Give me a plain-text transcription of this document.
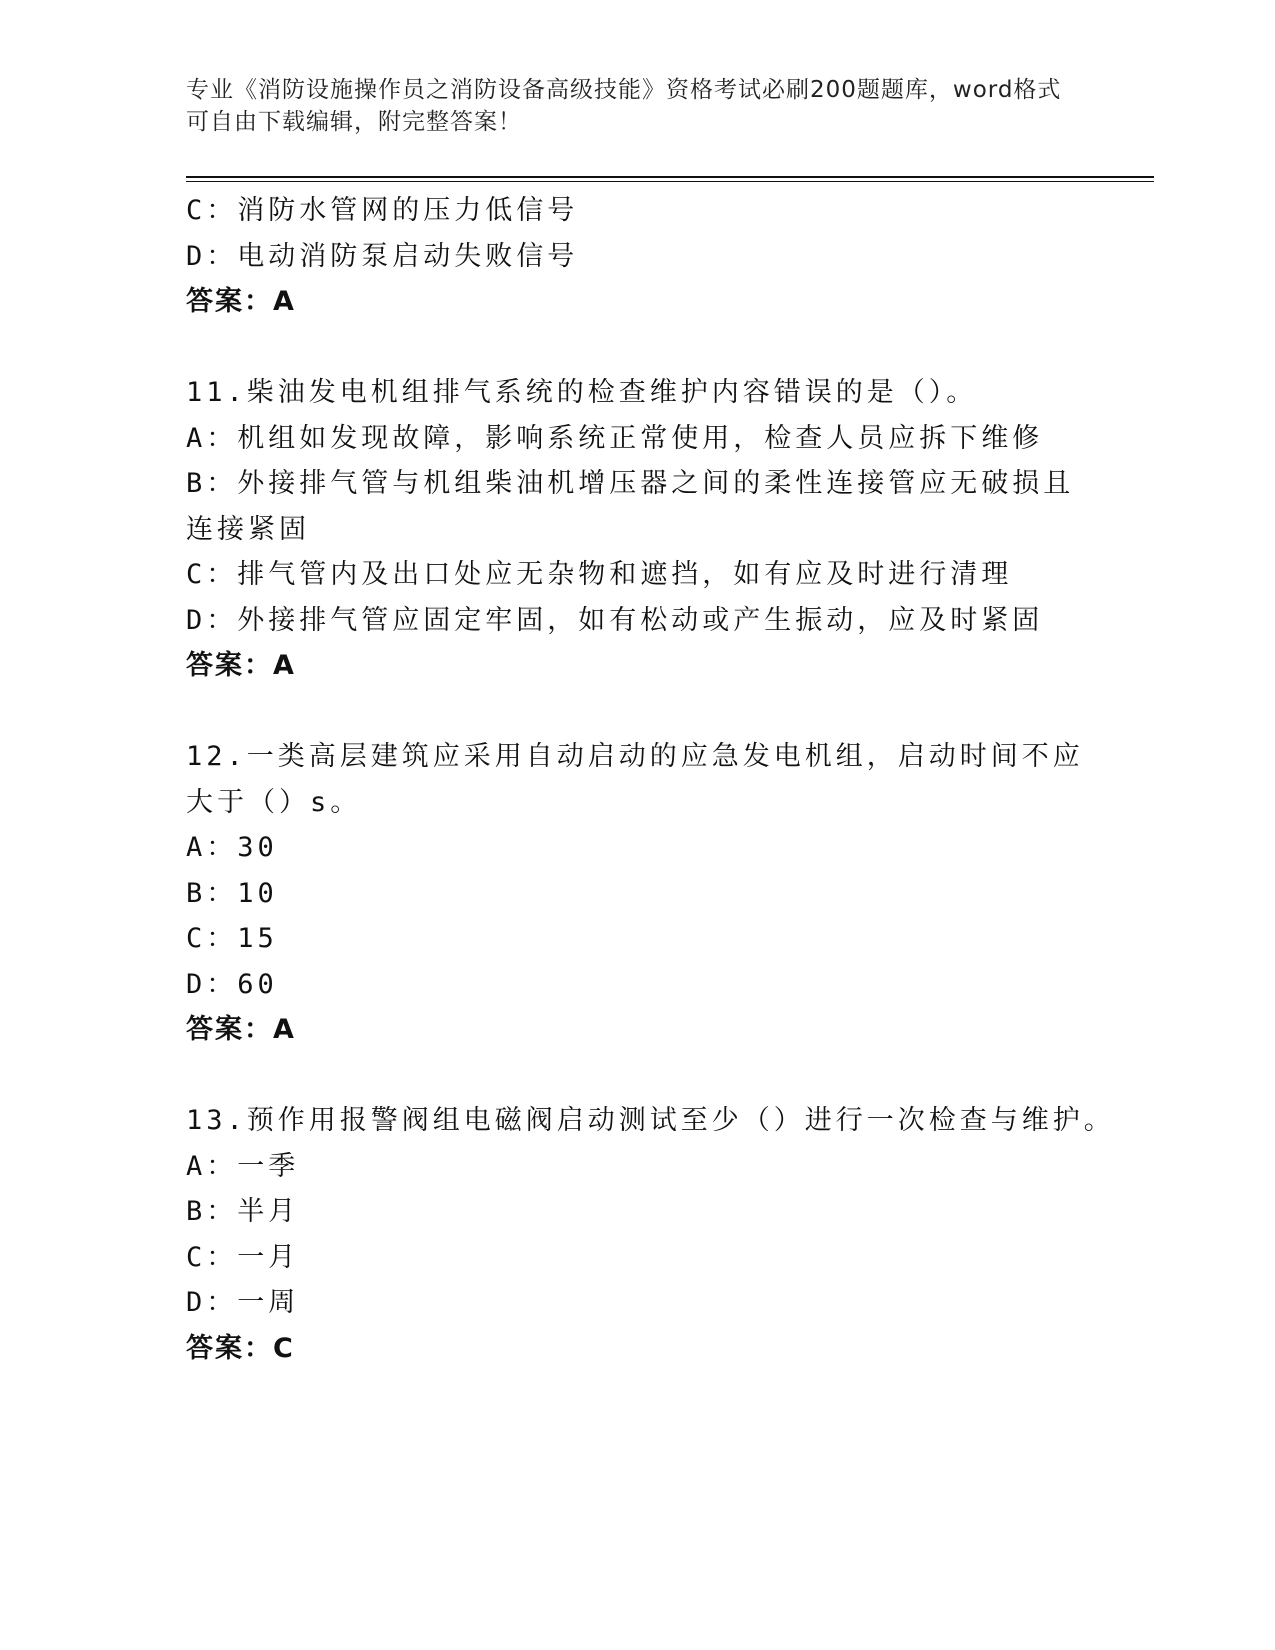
专业《消防设施操作员之消防设备高级技能》资格考试必刷200题题库，word格式可自由下载编辑，附完整答案！
C：消防水管网的压力低信号
D：电动消防泵启动失败信号
答案：A
11.柴油发电机组排气系统的检查维护内容错误的是（）。
A：机组如发现故障，影响系统正常使用，检查人员应拆下维修
B：外接排气管与机组柴油机增压器之间的柔性连接管应无破损且连接紧固
C：排气管内及出口处应无杂物和遮挡，如有应及时进行清理
D：外接排气管应固定牢固，如有松动或产生振动，应及时紧固
答案：A
12.一类高层建筑应采用自动启动的应急发电机组，启动时间不应大于（）s。
A：30
B：10
C：15
D：60
答案：A
13.预作用报警阀组电磁阀启动测试至少（）进行一次检查与维护。
A：一季
B：半月
C：一月
D：一周
答案：C
